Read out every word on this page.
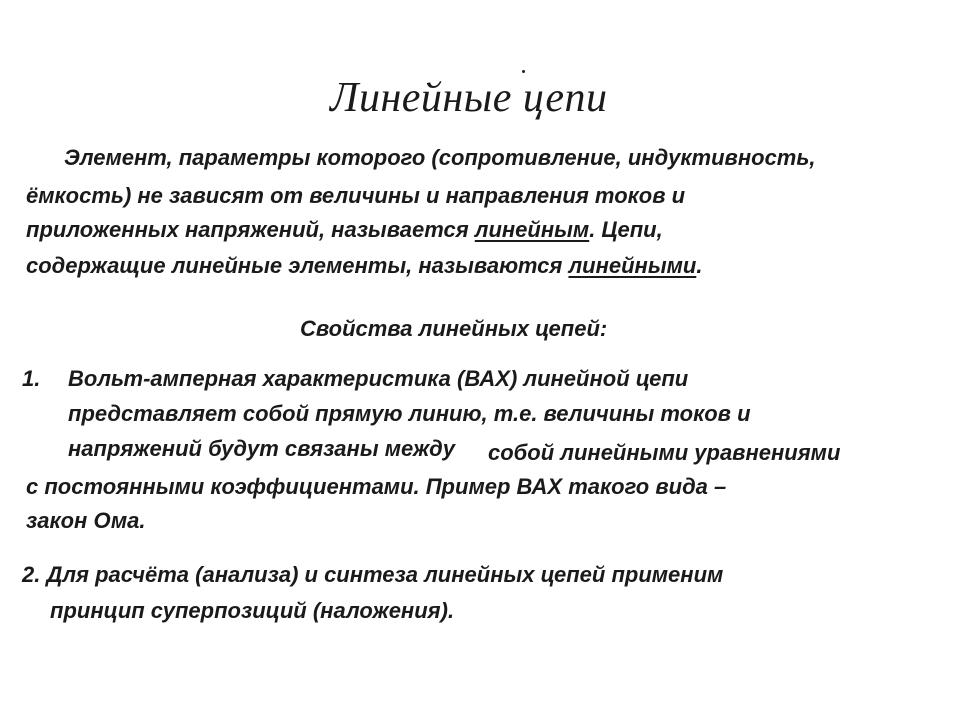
Линейные цепи

Элемент, параметры которого (сопротивление, индуктивность,

ёмкость) не зависят от величины и направления токов и

приложенных напряжений, называется линейным. Цепи,

содержащие линейные элементы, называются линейными.

Свойства линейных цепей:

1. Вольт-амперная характеристика (ВАХ) линейной цепи

представляет собой прямую линию, т.е. величины токов и

напряжений будут связаны между собой линейными уравнениями

с постоянными коэффициентами. Пример ВАХ такого вида –

закон Ома.

2. Для расчёта (анализа) и синтеза линейных цепей применим

принцип суперпозиций (наложения).
